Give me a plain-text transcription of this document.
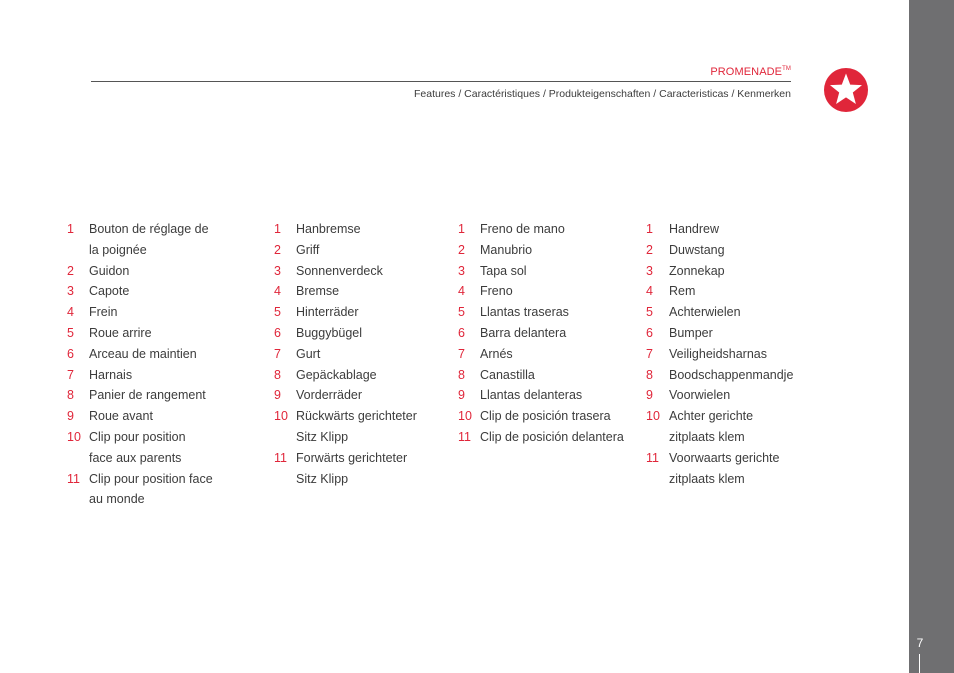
7
PROMENADE™
Features / Caractéristiques / Produkteigenschaften / Caracteristicas / Kenmerken
1	Bouton de réglage de
la poignée
2	Guidon
3	Capote
4	Frein
5	Roue arrire
6	Arceau de maintien
7	Harnais
8	Panier de rangement
9	Roue avant
10 Clip pour position
face aux parents
11 Clip pour position face
au monde
1	Hanbremse
2	Griff
3	Sonnenverdeck
4	Bremse
5	Hinterräder
6	Buggybügel
7	Gurt
8	Gepäckablage
9	Vorderräder
10 Rückwärts gerichteter
Sitz Klipp
11 Forwärts gerichteter
Sitz Klipp
1	Freno de mano
2	Manubrio
3	Tapa sol
4	Freno
5	Llantas traseras
6	Barra delantera
7	Arnés
8	Canastilla
9	Llantas delanteras
10 Clip de posición trasera
11 Clip de posición delantera
1	Handrew
2	Duwstang
3	Zonnekap
4	Rem
5	Achterwielen
6	Bumper
7	Veiligheidsharnas
8	Boodschappenmandje
9	Voorwielen
10 Achter gerichte
zitplaats klem
11 Voorwaarts gerichte
zitplaats klem
